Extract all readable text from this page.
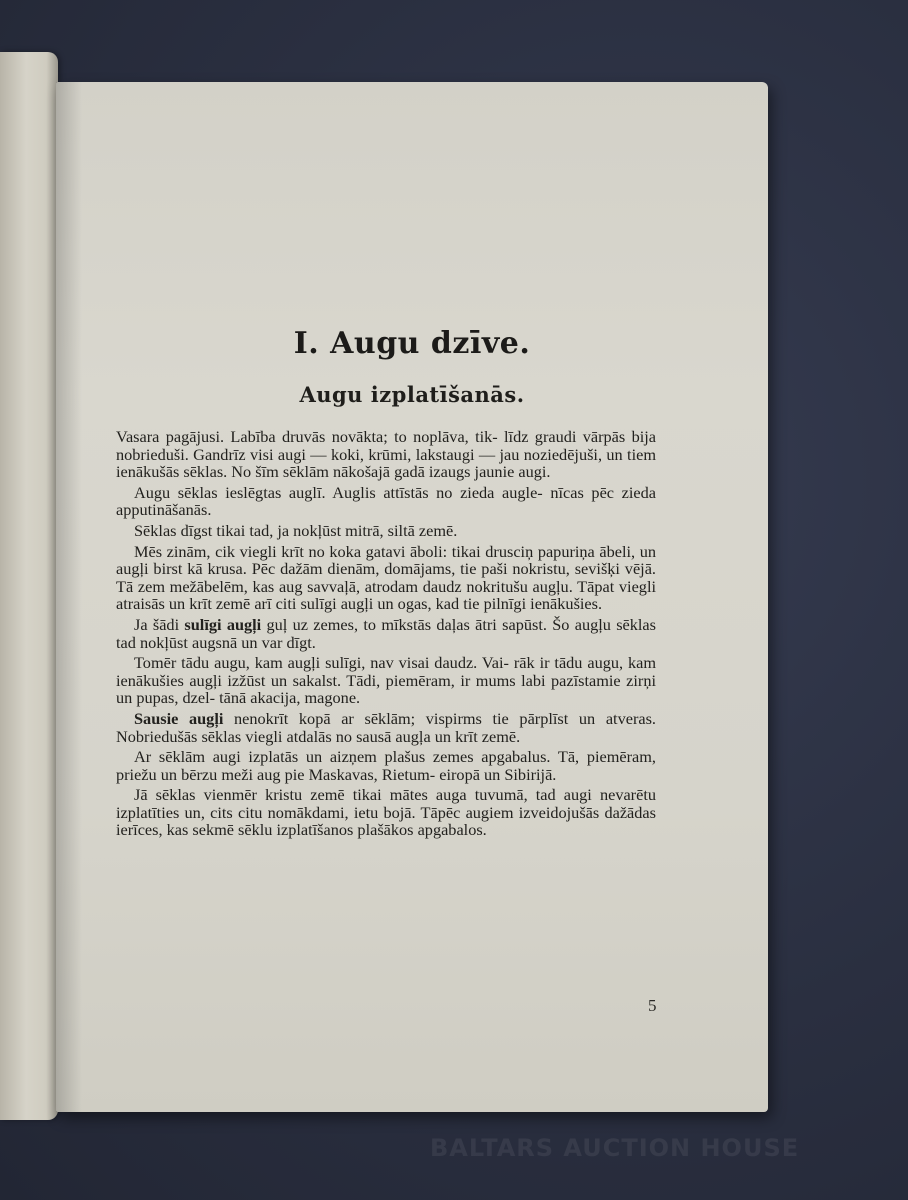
I. Augu dzīve.
Augu izplatīšanās.

Vasara pagājusi. Labība druvās novākta; to noplāva, tik- līdz graudi vārpās bija nobrieduši. Gandrīz visi augi — koki, krūmi, lakstaugi — jau noziedējuši, un tiem ienākušās sēklas. No šīm sēklām nākošajā gadā izaugs jaunie augi.

Augu sēklas ieslēgtas auglī. Auglis attīstās no zieda augle- nīcas pēc zieda apputināšanās.

Sēklas dīgst tikai tad, ja nokļūst mitrā, siltā zemē.

Mēs zinām, cik viegli krīt no koka gatavi āboli: tikai drusciņ papuriņa ābeli, un augļi birst kā krusa. Pēc dažām dienām, domājams, tie paši nokristu, sevišķi vējā. Tā zem mežābelēm, kas aug savvaļā, atrodam daudz nokritušu augļu. Tāpat viegli atraisās un krīt zemē arī citi sulīgi augļi un ogas, kad tie pilnīgi ienākušies.

Ja šādi sulīgi augļi guļ uz zemes, to mīkstās daļas ātri sapūst. Šo augļu sēklas tad nokļūst augsnā un var dīgt.

Tomēr tādu augu, kam augļi sulīgi, nav visai daudz. Vai- rāk ir tādu augu, kam ienākušies augļi izžūst un sakalst. Tādi, piemēram, ir mums labi pazīstamie zirņi un pupas, dzel- tānā akacija, magone.

Sausie augļi nenokrīt kopā ar sēklām; vispirms tie pārplīst un atveras. Nobriedušās sēklas viegli atdalās no sausā augļa un krīt zemē.

Ar sēklām augi izplatās un aizņem plašus zemes apgabalus. Tā, piemēram, priežu un bērzu meži aug pie Maskavas, Rietum- eiropā un Sibirijā.

Jā sēklas vienmēr kristu zemē tikai mātes auga tuvumā, tad augi nevarētu izplatīties un, cits citu nomākdami, ietu bojā. Tāpēc augiem izveidojušās dažādas ierīces, kas sekmē sēklu izplatīšanos plašākos apgabalos.

5
BALTARS AUCTION HOUSE
